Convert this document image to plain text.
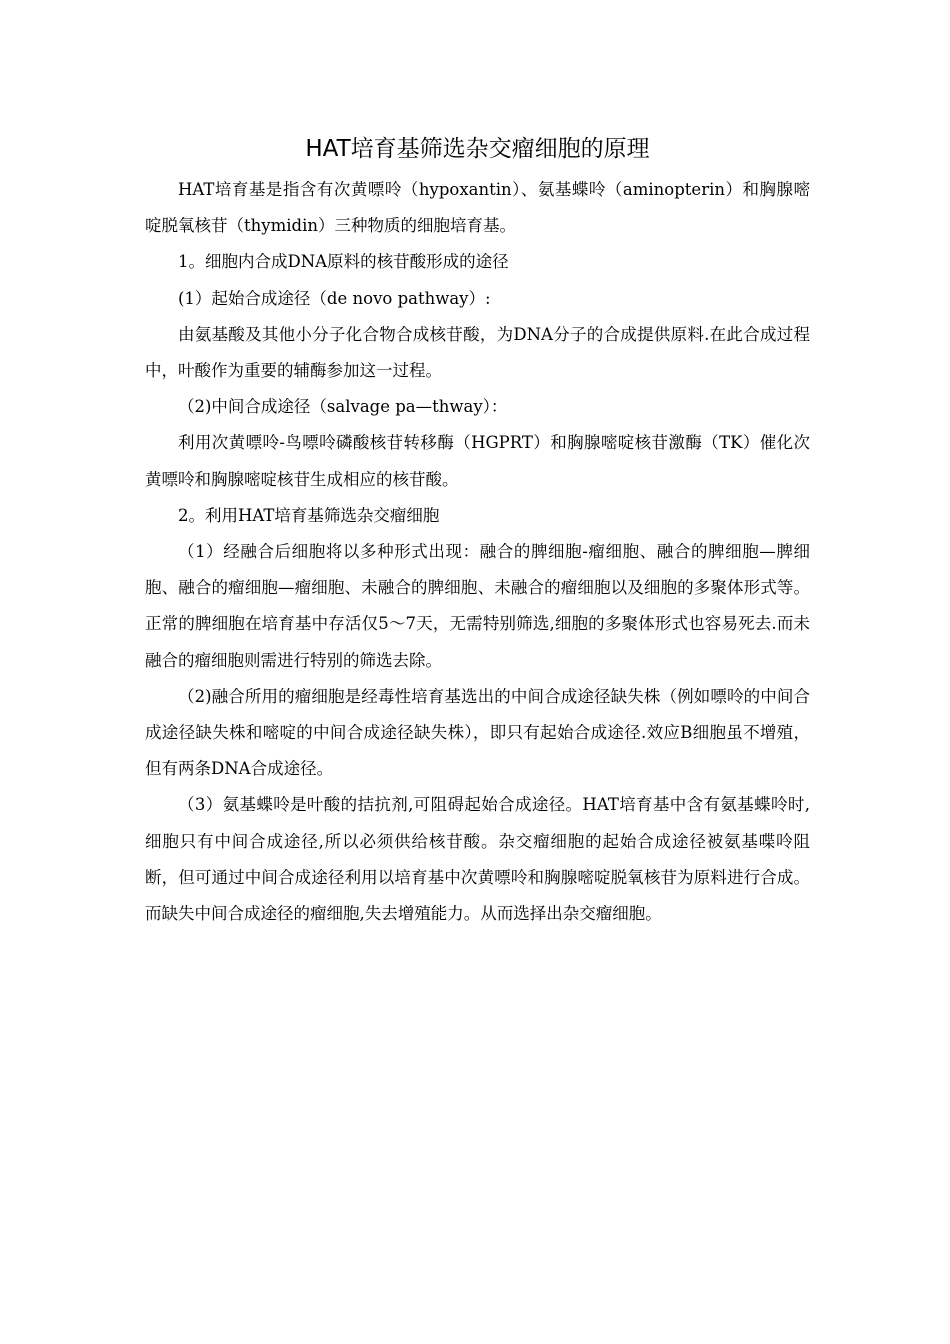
HAT培育基筛选杂交瘤细胞的原理

HAT培育基是指含有次黄嘌呤（hypoxantin）、氨基蝶呤（aminopterin）和胸腺嘧啶脱氧核苷（thymidin）三种物质的细胞培育基。

1。细胞内合成DNA原料的核苷酸形成的途径

(1）起始合成途径（de novo pathway）:

由氨基酸及其他小分子化合物合成核苷酸，为DNA分子的合成提供原料.在此合成过程中，叶酸作为重要的辅酶参加这一过程。

（2)中间合成途径（salvage pa—thway）：

利用次黄嘌呤-鸟嘌呤磷酸核苷转移酶（HGPRT）和胸腺嘧啶核苷激酶（TK）催化次黄嘌呤和胸腺嘧啶核苷生成相应的核苷酸。

2。利用HAT培育基筛选杂交瘤细胞

（1）经融合后细胞将以多种形式出现：融合的脾细胞-瘤细胞、融合的脾细胞—脾细胞、融合的瘤细胞—瘤细胞、未融合的脾细胞、未融合的瘤细胞以及细胞的多聚体形式等。正常的脾细胞在培育基中存活仅5～7天，无需特别筛选,细胞的多聚体形式也容易死去.而未融合的瘤细胞则需进行特别的筛选去除。

（2)融合所用的瘤细胞是经毒性培育基选出的中间合成途径缺失株（例如嘌呤的中间合成途径缺失株和嘧啶的中间合成途径缺失株），即只有起始合成途径.效应B细胞虽不增殖，但有两条DNA合成途径。

（3）氨基蝶呤是叶酸的拮抗剂,可阻碍起始合成途径。HAT培育基中含有氨基蝶呤时,细胞只有中间合成途径,所以必须供给核苷酸。杂交瘤细胞的起始合成途径被氨基喋呤阻断，但可通过中间合成途径利用以培育基中次黄嘌呤和胸腺嘧啶脱氧核苷为原料进行合成。而缺失中间合成途径的瘤细胞,失去增殖能力。从而选择出杂交瘤细胞。
